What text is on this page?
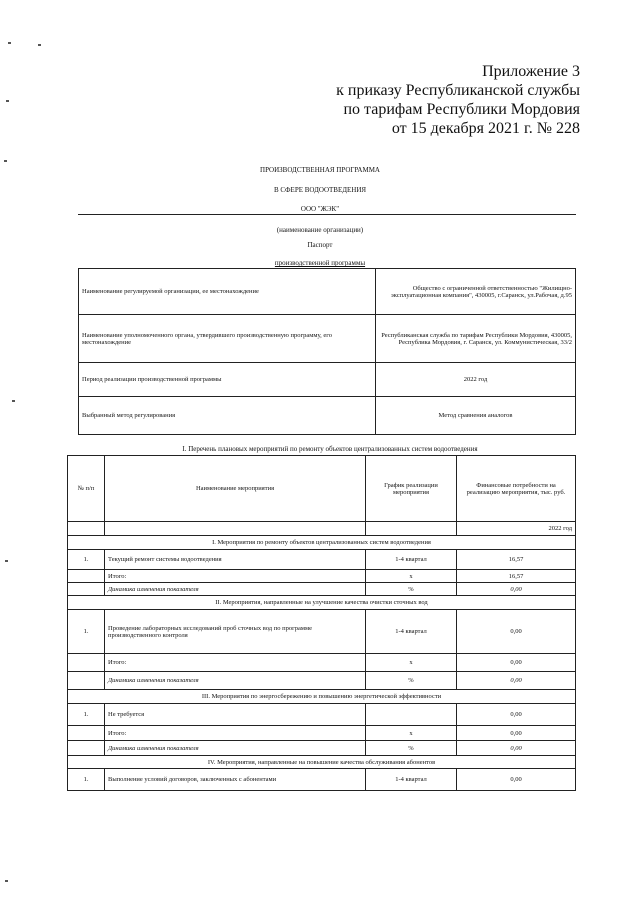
Приложение 3
к приказу Республиканской службы
по тарифам Республики Мордовия
от 15 декабря 2021 г. № 228
ПРОИЗВОДСТВЕННАЯ ПРОГРАММА
В СФЕРЕ ВОДООТВЕДЕНИЯ
ООО "ЖЭК"
(наименование организации)
Паспорт
производственной программы
Наименование регулируемой организации, ее местонахождение	Общество с ограниченной ответственностью "Жилищно-эксплуатационная компания", 430005, г.Саранск, ул.Рабочая, д.95
Наименование уполномоченного органа, утвердившего производственную программу, его местонахождение	Республиканская служба по тарифам Республики Мордовия, 430005, Республика Мордовия, г. Саранск, ул. Коммунистическая, 33/2
Период реализации производственной программы	2022 год
Выбранный метод регулирования	Метод сравнения аналогов
I. Перечень плановых мероприятий по ремонту объектов централизованных систем водоотведения
№ п/п	Наименование мероприятия	График реализации мероприятия	Финансовые потребности на реализацию мероприятия, тыс. руб.
			2022 год
I. Мероприятия по ремонту объектов централизованных систем водоотведения			
1.	Текущий ремонт системы водоотведения	1-4 квартал	16,57
	Итого:	х	16,57
	Динамика изменения показателя	%	0,00
II. Мероприятия, направленные на улучшение качества очистки сточных вод			
1.	Проведение лабораторных исследований проб сточных вод по программе производственного контроля	1-4 квартал	0,00
	Итого:	х	0,00
	Динамика изменения показателя	%	0,00
III. Мероприятия по энергосбережению и повышению энергетической эффективности			
1.	Не требуется		0,00
	Итого:	х	0,00
	Динамика изменения показателя	%	0,00
IV. Мероприятия, направленные на повышение качества обслуживания абонентов			
1.	Выполнение условий договоров, заключенных с абонентами	1-4 квартал	0,00
